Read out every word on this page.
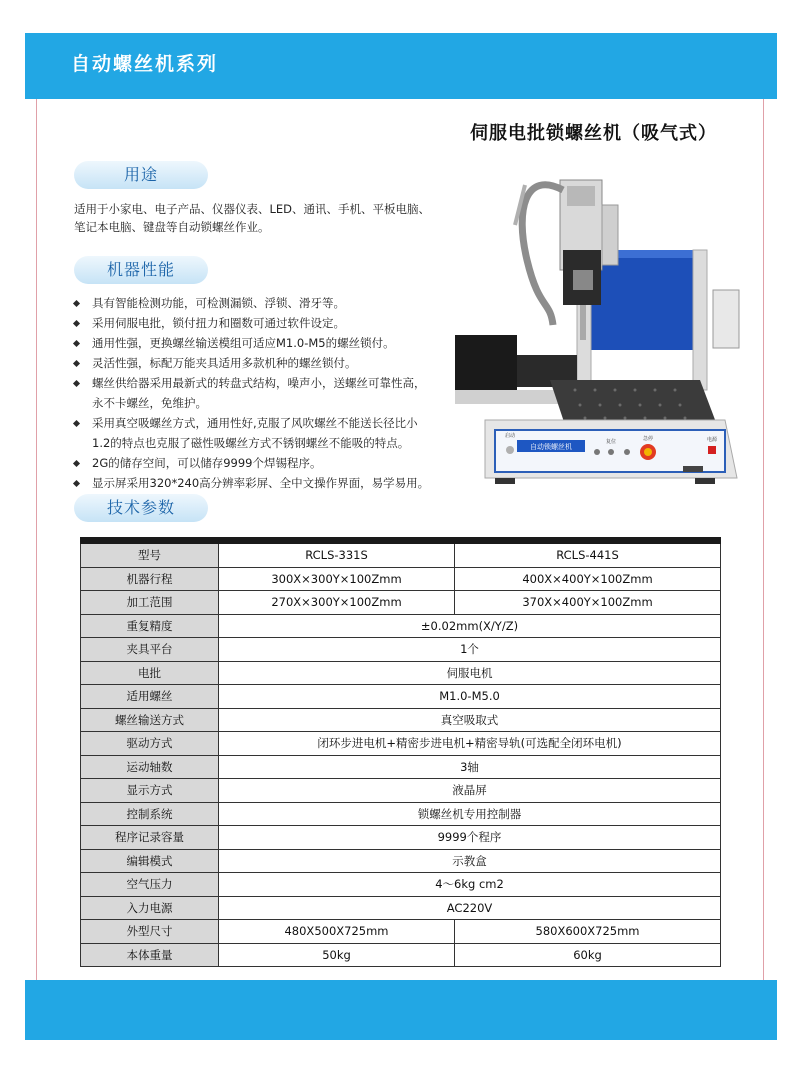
自动螺丝机系列
伺服电批锁螺丝机（吸气式）
用途
适用于小家电、电子产品、仪器仪表、LED、通讯、手机、平板电脑、
笔记本电脑、键盘等自动锁螺丝作业。
机器性能
具有智能检测功能，可检测漏锁、浮锁、滑牙等。
采用伺服电批，锁付扭力和圈数可通过软件设定。
通用性强，更换螺丝输送模组可适应M1.0-M5的螺丝锁付。
灵活性强，标配万能夹具适用多款机种的螺丝锁付。
螺丝供给器采用最新式的转盘式结构，噪声小，送螺丝可靠性高，
永不卡螺丝，免维护。
采用真空吸螺丝方式，通用性好,克服了风吹螺丝不能送长径比小
1.2的特点也克服了磁性吸螺丝方式不锈钢螺丝不能吸的特点。
2G的储存空间，可以储存9999个焊锡程序。
显示屏采用320*240高分辨率彩屏、全中文操作界面，易学易用。
自动锁螺丝机
启动
复位	急停	电源
技术参数

型号	RCLS-331S	RCLS-441S
机器行程	300X×300Y×100Zmm	400X×400Y×100Zmm
加工范围	270X×300Y×100Zmm	370X×400Y×100Zmm
重复精度	±0.02mm(X/Y/Z)	
夹具平台	1个	
电批	伺服电机	
适用螺丝	M1.0-M5.0	
螺丝输送方式	真空吸取式	
驱动方式	闭环步进电机+精密步进电机+精密导轨(可选配全闭环电机)	
运动轴数	3轴	
显示方式	液晶屏	
控制系统	锁螺丝机专用控制器	
程序记录容量	9999个程序	
编辑模式	示教盒	
空气压力	4～6kg cm2	
入力电源	AC220V	
外型尺寸	480X500X725mm	580X600X725mm
本体重量	50kg	60kg
